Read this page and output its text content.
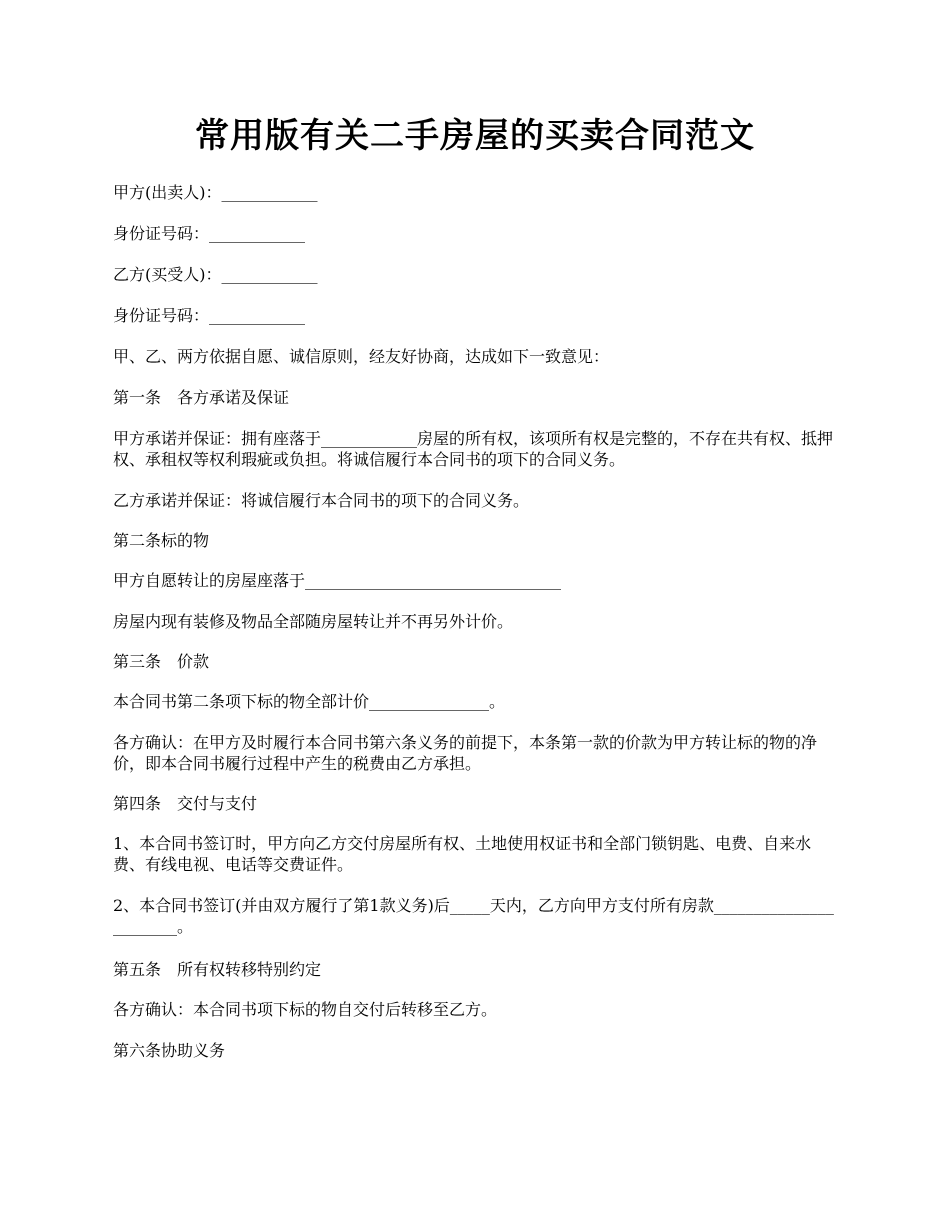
常用版有关二手房屋的买卖合同范文

甲方(出卖人)：____________

身份证号码：____________

乙方(买受人)：____________

身份证号码：____________

甲、乙、两方依据自愿、诚信原则，经友好协商，达成如下一致意见：

第一条　各方承诺及保证

甲方承诺并保证：拥有座落于____________房屋的所有权，该项所有权是完整的，不存在共有权、抵押权、承租权等权利瑕疵或负担。将诚信履行本合同书的项下的合同义务。

乙方承诺并保证：将诚信履行本合同书的项下的合同义务。

第二条标的物

甲方自愿转让的房屋座落于________________________________

房屋内现有装修及物品全部随房屋转让并不再另外计价。

第三条　价款

本合同书第二条项下标的物全部计价_______________。

各方确认：在甲方及时履行本合同书第六条义务的前提下，本条第一款的价款为甲方转让标的物的净价，即本合同书履行过程中产生的税费由乙方承担。

第四条　交付与支付

1、本合同书签订时，甲方向乙方交付房屋所有权、土地使用权证书和全部门锁钥匙、电费、自来水费、有线电视、电话等交费证件。

2、本合同书签订(并由双方履行了第1款义务)后_____天内，乙方向甲方支付所有房款_______________________。

第五条　所有权转移特别约定

各方确认：本合同书项下标的物自交付后转移至乙方。

第六条协助义务
